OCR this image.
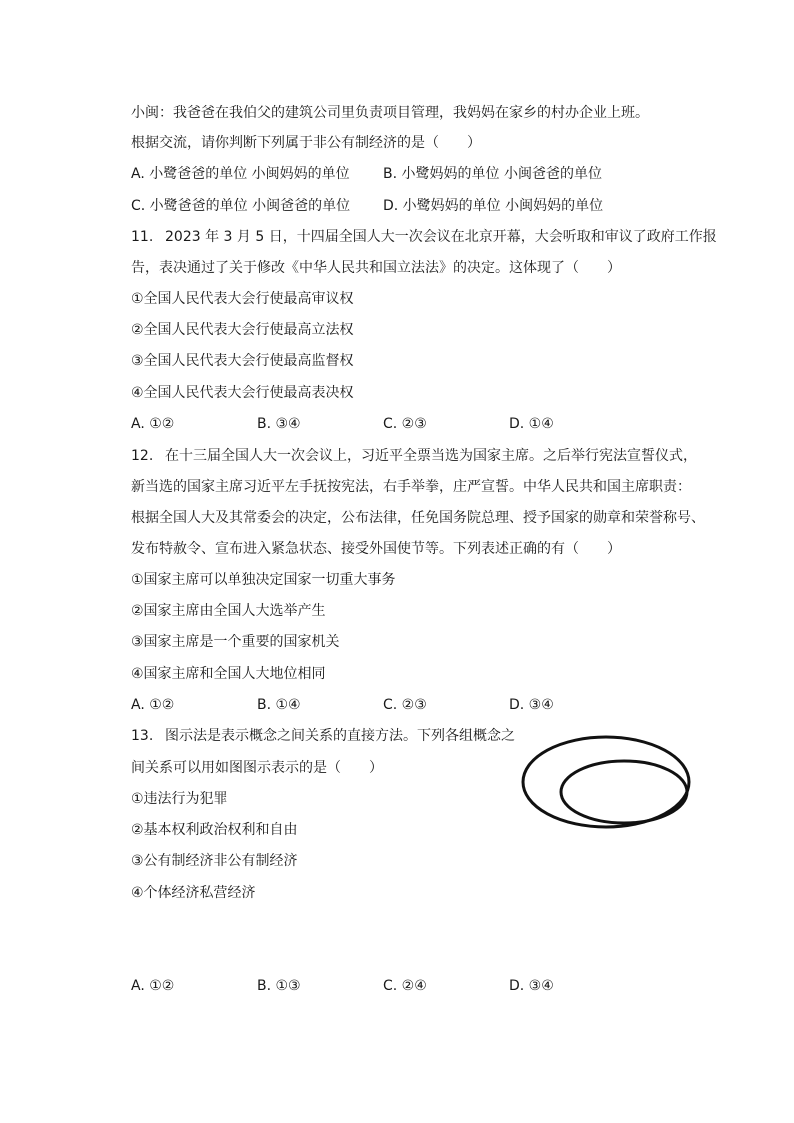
小闽：我爸爸在我伯父的建筑公司里负责项目管理，我妈妈在家乡的村办企业上班。
根据交流，请你判断下列属于非公有制经济的是（　　）
A. 小鹭爸爸的单位 小闽妈妈的单位 B. 小鹭妈妈的单位 小闽爸爸的单位
C. 小鹭爸爸的单位 小闽爸爸的单位 D. 小鹭妈妈的单位 小闽妈妈的单位
11. 2023 年 3 月 5 日，十四届全国人大一次会议在北京开幕，大会听取和审议了政府工作报
告，表决通过了关于修改《中华人民共和国立法法》的决定。这体现了（　　）
①全国人民代表大会行使最高审议权
②全国人民代表大会行使最高立法权
③全国人民代表大会行使最高监督权
④全国人民代表大会行使最高表决权
A. ①②	B. ③④	C. ②③	D. ①④
12. 在十三届全国人大一次会议上，习近平全票当选为国家主席。之后举行宪法宣誓仪式，
新当选的国家主席习近平左手抚按宪法，右手举拳，庄严宣誓。中华人民共和国主席职责：
根据全国人大及其常委会的决定，公布法律，任免国务院总理、授予国家的勋章和荣誉称号、
发布特赦令、宣布进入紧急状态、接受外国使节等。下列表述正确的有（　　）
①国家主席可以单独决定国家一切重大事务
②国家主席由全国人大选举产生
③国家主席是一个重要的国家机关
④国家主席和全国人大地位相同
A. ①②	B. ①④	C. ②③	D. ③④
13. 图示法是表示概念之间关系的直接方法。下列各组概念之
间关系可以用如图图示表示的是（　　）
①违法行为犯罪
②基本权利政治权利和自由
③公有制经济非公有制经济
④个体经济私营经济
A. ①②	B. ①③	C. ②④	D. ③④
